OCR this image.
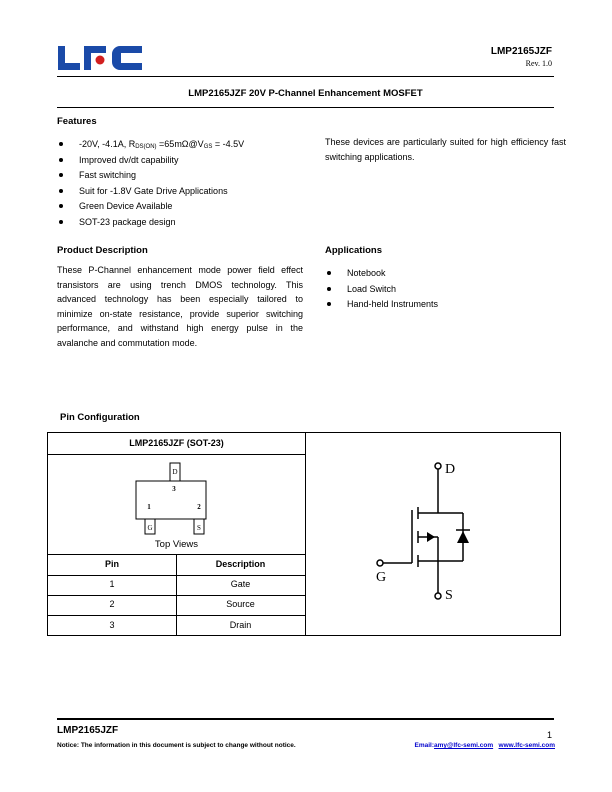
LMP2165JZF
Rev. 1.0
LMP2165JZF 20V P-Channel Enhancement MOSFET
Features
-20V, -4.1A, $R_{DS(ON)}$ $=65m\Omega@V_{GS} = -4.5V$
Improved dv/dt capability
Fast switching
Suit for -1.8V Gate Drive Applications
Green Device Available
SOT-23 package design
These devices are particularly suited for high efficiency fast switching applications.
Product Description
These P-Channel enhancement mode power field effect transistors are using trench DMOS technology. This advanced technology has been especially tailored to minimize on-state resistance, provide superior switching performance, and withstand high energy pulse in the avalanche and commutation mode.
Applications
Notebook
Load Switch
Hand-held Instruments
Pin Configuration
LMP2165JZF (SOT-23)
D
3
1	2
G	S
Top Views
Pin	Description
1	Gate
2	Source
3	Drain
D
G
S
LMP2165JZF	1
Notice: The information in this document is subject to change without notice.	Email:amy@lfc-semi.com www.lfc-semi.com
